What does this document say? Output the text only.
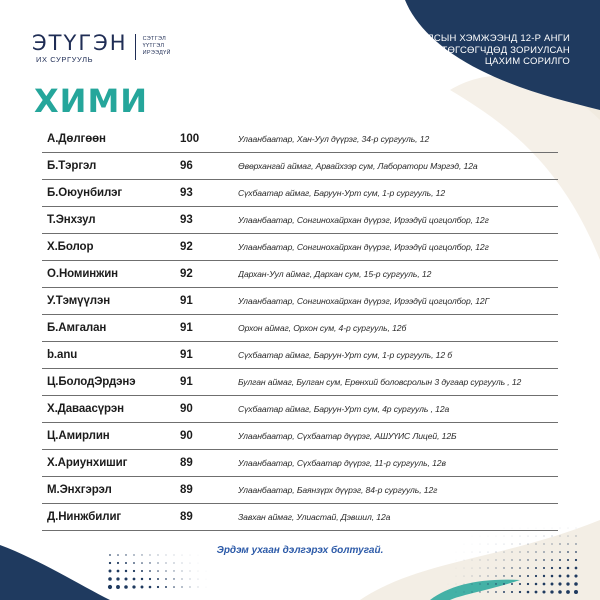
ЭТҮГЭН
ИХ СУРГУУЛЬ
СЭТГЭЛ
ҮҮТГЭЛ
ИРЭЭДҮЙ
УЛСЫН ХЭМЖЭЭНД 12-Р АНГИ
ТӨГСӨГЧДӨД ЗОРИУЛСАН
ЦАХИМ СОРИЛГО
ХИМИ
А.Дөлгөөн	100	Улаанбаатар, Хан-Уул дүүрэг, 34-р сургууль, 12
Б.Тэргэл	96	Өвөрхангай аймаг, Арвайхээр сум, Лаборатори Мэргэд, 12а
Б.Оюунбилэг	93	Сүхбаатар аймаг, Баруун-Урт сум, 1-р сургууль, 12
Т.Энхзул	93	Улаанбаатар, Сонгинохайрхан дүүрэг, Ирээдүй цогцолбор, 12г
Х.Болор	92	Улаанбаатар, Сонгинохайрхан дүүрэг, Ирээдүй цогцолбор, 12г
О.Номинжин	92	Дархан-Уул аймаг, Дархан сум, 15-р сургууль, 12
У.Тэмүүлэн	91	Улаанбаатар, Сонгинохайрхан дүүрэг, Ирээдүй цогцолбор, 12Г
Б.Амгалан	91	Орхон аймаг, Орхон сум, 4-р сургууль, 12б
b.anu	91	Сүхбаатар аймаг, Баруун-Урт сум, 1-р сургууль, 12 б
Ц.БолодЭрдэнэ	91	Булган аймаг, Булган сум, Ерөнхий боловсролын 3 дугаар сургууль , 12
Х.Даваасүрэн	90	Сүхбаатар аймаг, Баруун-Урт сум, 4р сургууль , 12а
Ц.Амирлин	90	Улаанбаатар, Сүхбаатар дүүрэг, АШУҮИС Лицей, 12Б
Х.Ариунхишиг	89	Улаанбаатар, Сүхбаатар дүүрэг, 11-р сургууль, 12в
М.Энхгэрэл	89	Улаанбаатар, Баянзүрх дүүрэг, 84-р сургууль, 12г
Д.Нинжбилиг	89	Завхан аймаг, Улиастай, Дэвшил, 12а
Эрдэм ухаан дэлгэрэх болтугай.
